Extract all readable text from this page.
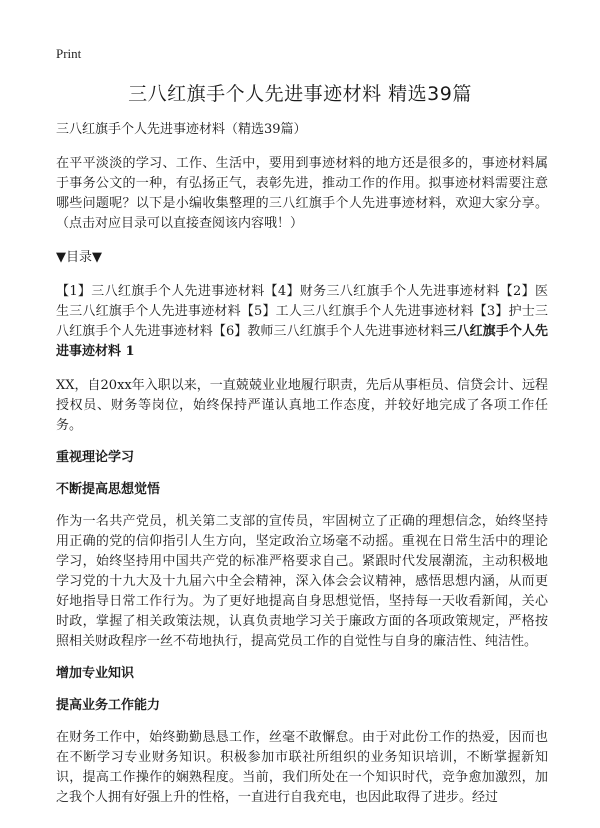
Print
三八红旗手个人先进事迹材料 精选39篇

三八红旗手个人先进事迹材料（精选39篇）

在平平淡淡的学习、工作、生活中，要用到事迹材料的地方还是很多的，事迹材料属于事务公文的一种，有弘扬正气，表彰先进，推动工作的作用。拟事迹材料需要注意哪些问题呢？以下是小编收集整理的三八红旗手个人先进事迹材料，欢迎大家分享。（点击对应目录可以直接查阅该内容哦！）

▼目录▼

【1】三八红旗手个人先进事迹材料【4】财务三八红旗手个人先进事迹材料【2】医生三八红旗手个人先进事迹材料【5】工人三八红旗手个人先进事迹材料【3】护士三八红旗手个人先进事迹材料【6】教师三八红旗手个人先进事迹材料三八红旗手个人先进事迹材料 1

XX，自20xx年入职以来，一直兢兢业业地履行职责，先后从事柜员、信贷会计、远程授权员、财务等岗位，始终保持严谨认真地工作态度，并较好地完成了各项工作任务。

重视理论学习

不断提高思想觉悟

作为一名共产党员，机关第二支部的宣传员，牢固树立了正确的理想信念，始终坚持用正确的党的信仰指引人生方向，坚定政治立场毫不动摇。重视在日常生活中的理论学习，始终坚持用中国共产党的标准严格要求自己。紧跟时代发展潮流，主动积极地学习党的十九大及十九届六中全会精神，深入体会会议精神，感悟思想内涵，从而更好地指导日常工作行为。为了更好地提高自身思想觉悟，坚持每一天收看新闻，关心时政，掌握了相关政策法规，认真负责地学习关于廉政方面的各项政策规定，严格按照相关财政程序一丝不苟地执行，提高党员工作的自觉性与自身的廉洁性、纯洁性。

增加专业知识

提高业务工作能力

在财务工作中，始终勤勤恳恳工作，丝毫不敢懈怠。由于对此份工作的热爱，因而也在不断学习专业财务知识。积极参加市联社所组织的业务知识培训，不断掌握新知识，提高工作操作的娴熟程度。当前，我们所处在一个知识时代，竞争愈加激烈，加之我个人拥有好强上升的性格，一直进行自我充电，也因此取得了进步。经过
